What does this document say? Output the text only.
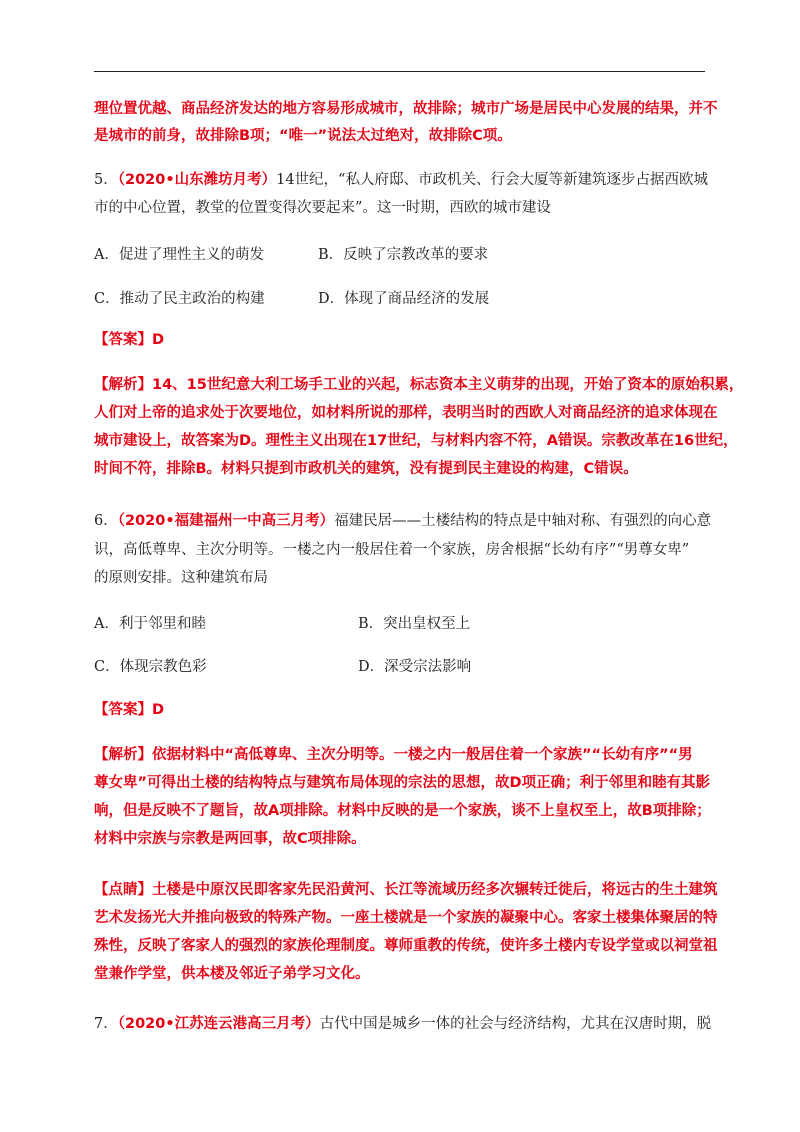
理位置优越、商品经济发达的地方容易形成城市，故排除；城市广场是居民中心发展的结果，并不
是城市的前身，故排除B项；“唯一”说法太过绝对，故排除C项。
5．（2020•山东潍坊月考）14世纪，“私人府邸、市政机关、行会大厦等新建筑逐步占据西欧城
市的中心位置，教堂的位置变得次要起来”。这一时期，西欧的城市建设
A．促进了理性主义的萌发	B．反映了宗教改革的要求
C．推动了民主政治的构建	D．体现了商品经济的发展
【答案】D
【解析】14、15世纪意大利工场手工业的兴起，标志资本主义萌芽的出现，开始了资本的原始积累，
人们对上帝的追求处于次要地位，如材料所说的那样，表明当时的西欧人对商品经济的追求体现在
城市建设上，故答案为D。理性主义出现在17世纪，与材料内容不符，A错误。宗教改革在16世纪，
时间不符，排除B。材料只提到市政机关的建筑，没有提到民主建设的构建，C错误。
6．（2020•福建福州一中高三月考）福建民居——土楼结构的特点是中轴对称、有强烈的向心意
识，高低尊卑、主次分明等。一楼之内一般居住着一个家族，房舍根据“长幼有序”“男尊女卑”
的原则安排。这种建筑布局
A．利于邻里和睦	B．突出皇权至上
C．体现宗教色彩	D．深受宗法影响
【答案】D
【解析】依据材料中“高低尊卑、主次分明等。一楼之内一般居住着一个家族”“长幼有序”“男
尊女卑”可得出土楼的结构特点与建筑布局体现的宗法的思想，故D项正确；利于邻里和睦有其影
响，但是反映不了题旨，故A项排除。材料中反映的是一个家族，谈不上皇权至上，故B项排除；
材料中宗族与宗教是两回事，故C项排除。
【点睛】土楼是中原汉民即客家先民沿黄河、长江等流域历经多次辗转迁徙后，将远古的生土建筑
艺术发扬光大并推向极致的特殊产物。一座土楼就是一个家族的凝聚中心。客家土楼集体聚居的特
殊性，反映了客家人的强烈的家族伦理制度。尊师重教的传统，使许多土楼内专设学堂或以祠堂祖
堂兼作学堂，供本楼及邻近子弟学习文化。
7．（2020•江苏连云港高三月考）古代中国是城乡一体的社会与经济结构，尤其在汉唐时期，脱
